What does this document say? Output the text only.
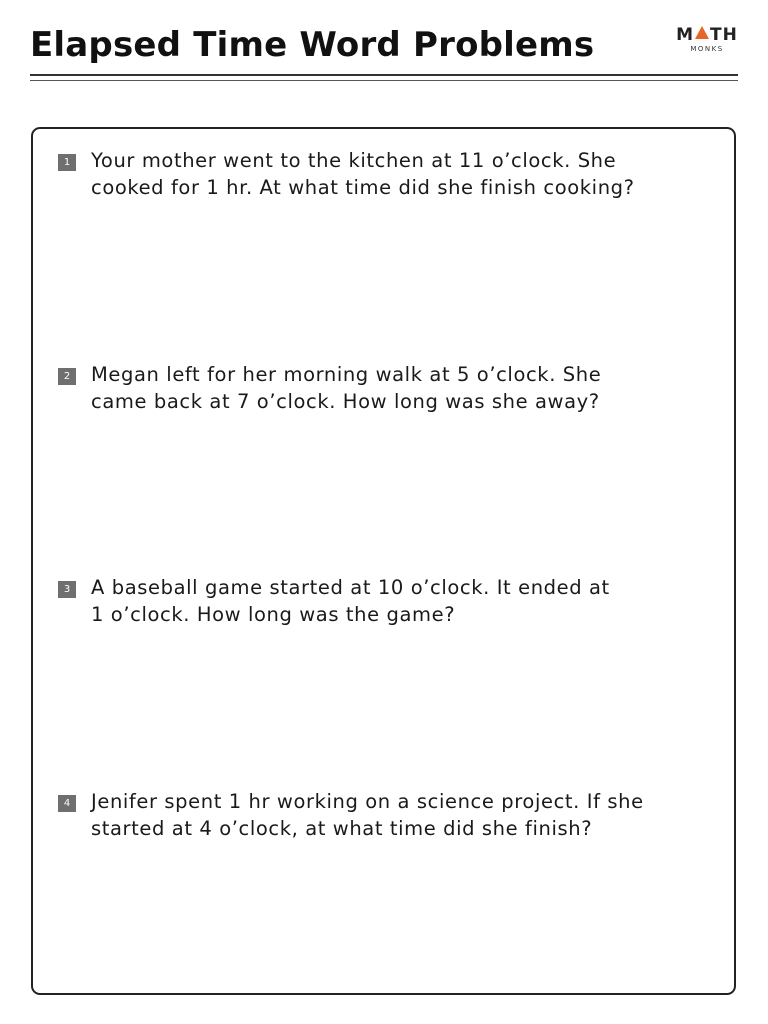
Elapsed Time Word Problems	M TH
MONKS
1 Your mother went to the kitchen at 11 o’clock. She
cooked for 1 hr. At what time did she finish cooking?
2 Megan left for her morning walk at 5 o’clock. She
came back at 7 o’clock. How long was she away?
3 A baseball game started at 10 o’clock. It ended at
1 o’clock. How long was the game?
4 Jenifer spent 1 hr working on a science project. If she
started at 4 o’clock, at what time did she finish?
